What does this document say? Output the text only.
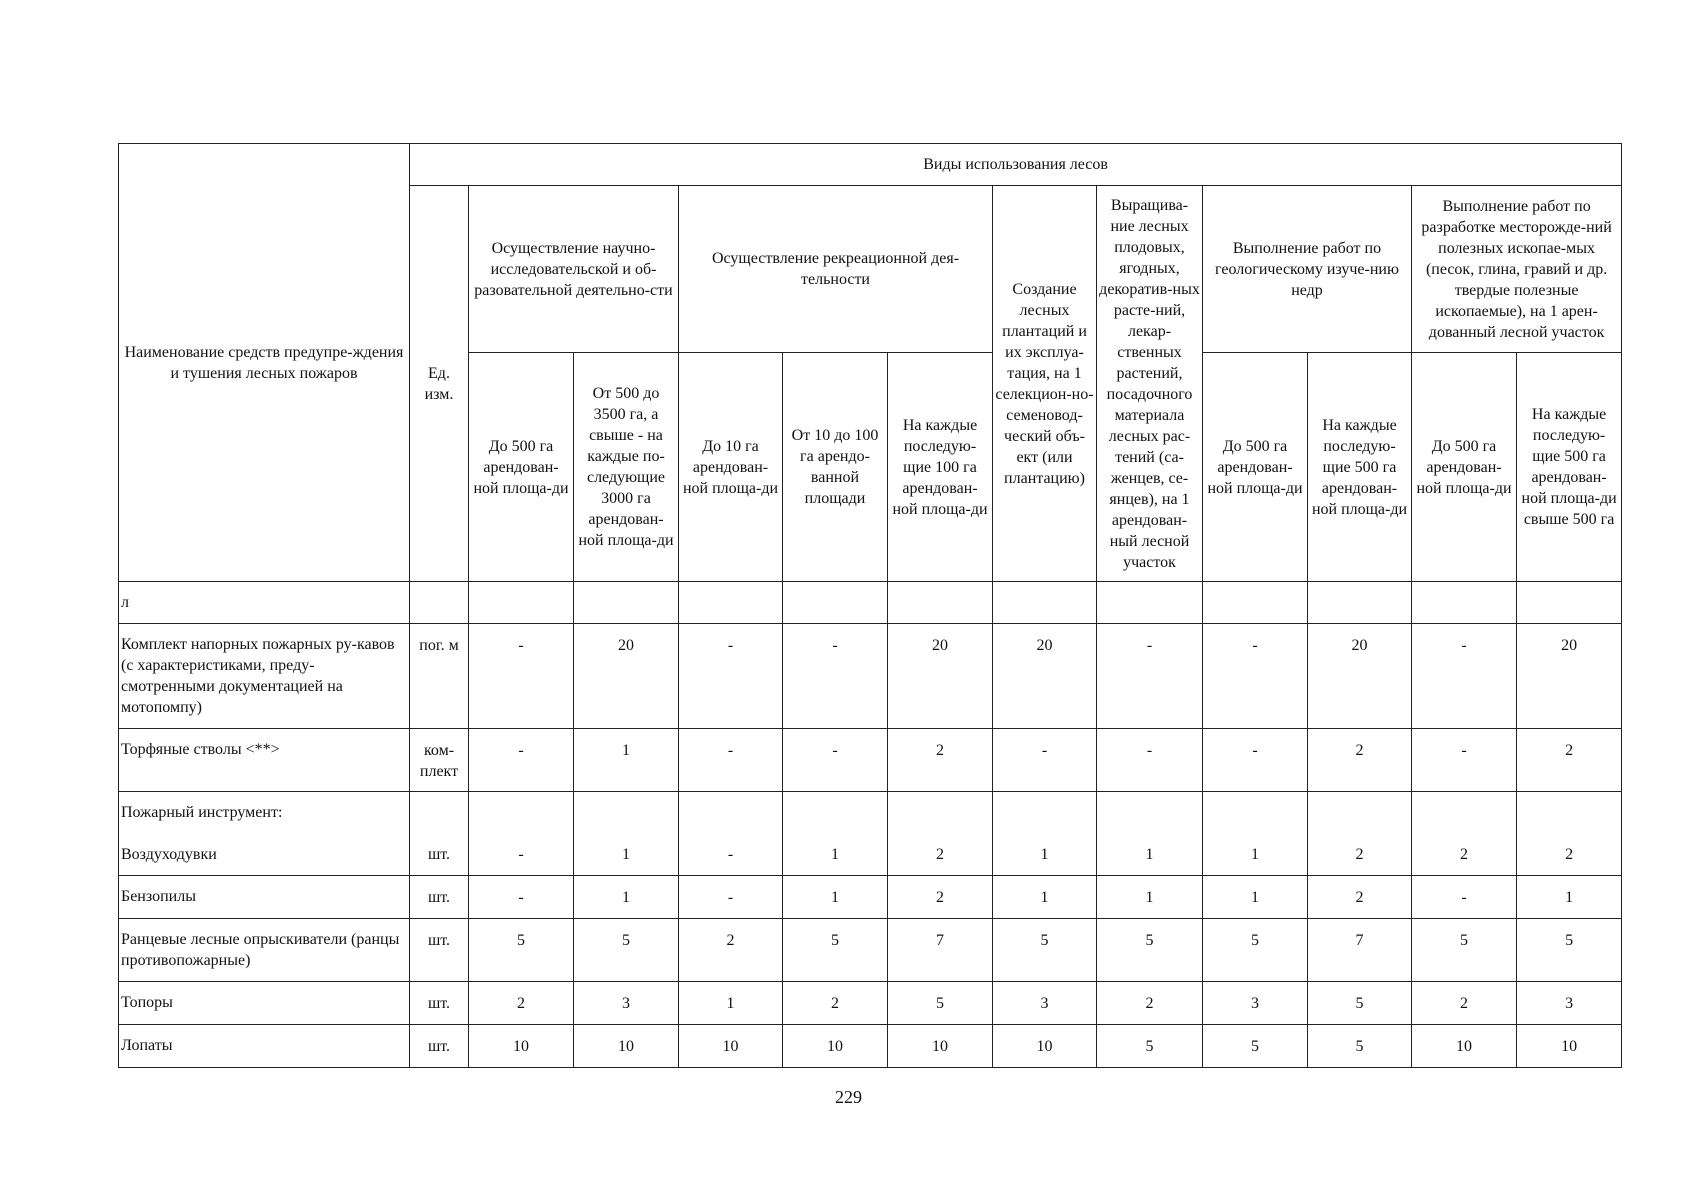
Наименование средств предупре-ждения и тушения лесных пожаров	Виды использования лесов											
	Ед. изм.	Осуществление научно-исследовательской и об-разовательной деятельно-сти		Осуществление рекреационной дея-тельности			Создание лесных плантаций и их эксплуа-тация, на 1 селекцион-но-семеновод-ческий объ-ект (или плантацию)	Выращива-ние лесных плодовых, ягодных, декоратив-ных расте-ний, лекар-ственных растений, посадочного материала лесных рас-тений (са-женцев, се-янцев), на 1 арендован-ный лесной участок	Выполнение работ по геологическому изуче-нию недр		Выполнение работ по разработке месторожде-ний полезных ископае-мых (песок, глина, гравий и др. твердые полезные ископаемые), на 1 арен-дованный лесной участок	
		До 500 га арендован-ной площа-ди	От 500 до 3500 га, а свыше - на каждые по-следующие 3000 га арендован-ной площа-ди	До 10 га арендован-ной площа-ди	От 10 до 100 га арендо-ванной площади	На каждые последую-щие 100 га арендован-ной площа-ди			До 500 га арендован-ной площа-ди	На каждые последую-щие 500 га арендован-ной площа-ди	До 500 га арендован-ной площа-ди	На каждые последую-щие 500 га арендован-ной площа-ди свыше 500 га
л												
Комплект напорных пожарных ру-кавов (с характеристиками, преду-смотренными документацией на мотопомпу)	пог. м	-	20	-	-	20	20	-	-	20	-	20
Торфяные стволы <**>	ком-плект	-	1	-	-	2	-	-	-	2	-	2

Пожарный инструмент:
Воздуходувки	шт.	-	1	-	1	2	1	1	1	2	2	2
Бензопилы	шт.	-	1	-	1	2	1	1	1	2	-	1
Ранцевые лесные опрыскиватели (ранцы противопожарные)	шт.	5	5	2	5	7	5	5	5	7	5	5
Топоры	шт.	2	3	1	2	5	3	2	3	5	2	3
Лопаты	шт.	10	10	10	10	10	10	5	5	5	10	10
229
